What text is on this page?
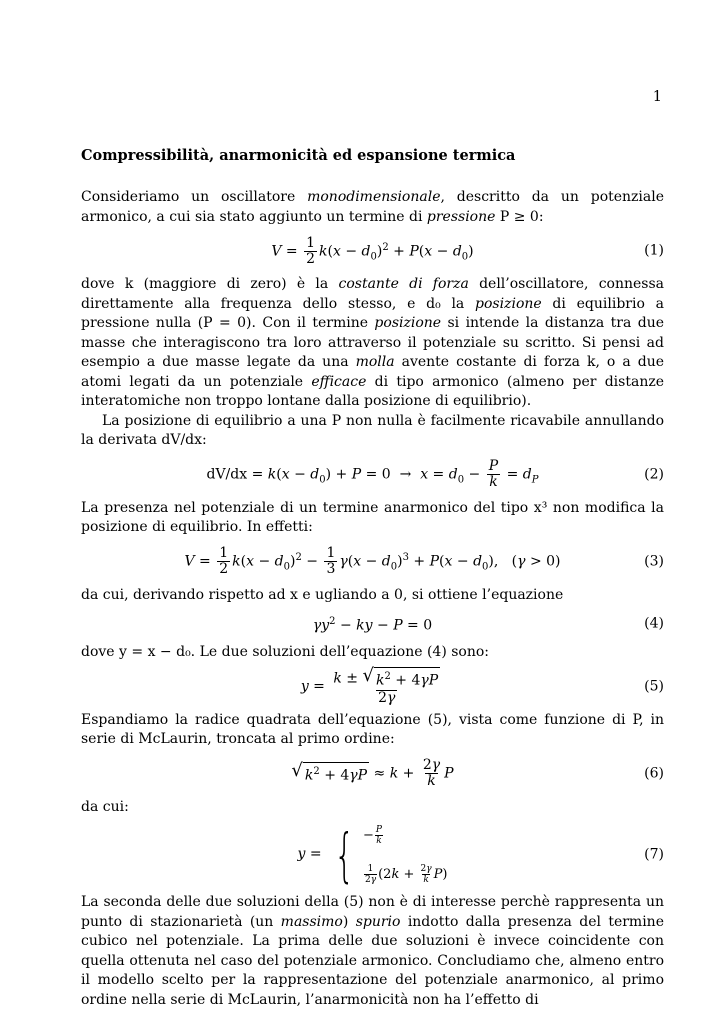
1
Compressibilità, anarmonicità ed espansione termica

Consideriamo un oscillatore monodimensionale, descritto da un potenziale armonico, a cui sia stato aggiunto un termine di pressione P ≥ 0:

$V = \frac{1}{2} k(x - d_0)^2 + P(x - d_0)$	(1)

dove k (maggiore di zero) è la costante di forza dell’oscillatore, connessa direttamente alla frequenza dello stesso, e d₀ la posizione di equilibrio a pressione nulla (P = 0). Con il termine posizione si intende la distanza tra due masse che interagiscono tra loro attraverso il potenziale su scritto. Si pensi ad esempio a due masse legate da una molla avente costante di forza k, o a due atomi legati da un potenziale efficace di tipo armonico (almeno per distanze interatomiche non troppo lontane dalla posizione di equilibrio).

La posizione di equilibrio a una P non nulla è facilmente ricavabile annullando la derivata dV/dx:

$dV/dx = k(x - d_0) + P = 0 \to x = d_0 - \frac{P}{k} = d_P$	(2)

La presenza nel potenziale di un termine anarmonico del tipo x³ non modifica la posizione di equilibrio. In effetti:

$V = \frac{1}{2} k(x - d_0)^2 - \frac{1}{3} \gamma(x - d_0)^3 + P(x - d_0)$,   (γ > 0)	(3)

da cui, derivando rispetto ad x e ugliando a 0, si ottiene l’equazione

$\gamma y^2$ − ky − P = 0	(4)

dove y = x − d₀. Le due soluzioni dell’equazione (4) sono:

$y = \frac{k \pm √ k^2 + 4\gamma P}{2\gamma}$	(5)

Espandiamo la radice quadrata dell’equazione (5), vista come funzione di P, in serie di McLaurin, troncata al primo ordine:

√ $k^2 + 4\gamma P \approx k + \frac{2\gamma}{k}$ P	(6)

da cui:

y = { − $\frac{P}{k}$
$\frac{1}{2\gamma} (2k + \frac{2\gamma}{k} P)$
(7)

La seconda delle due soluzioni della (5) non è di interesse perchè rappresenta un punto di stazionarietà (un massimo) spurio indotto dalla presenza del termine cubico nel potenziale. La prima delle due soluzioni è invece coincidente con quella ottenuta nel caso del potenziale armonico. Concludiamo che, almeno entro il modello scelto per la rappresentazione del potenziale anarmonico, al primo ordine nella serie di McLaurin, l’anarmonicità non ha l’effetto di
